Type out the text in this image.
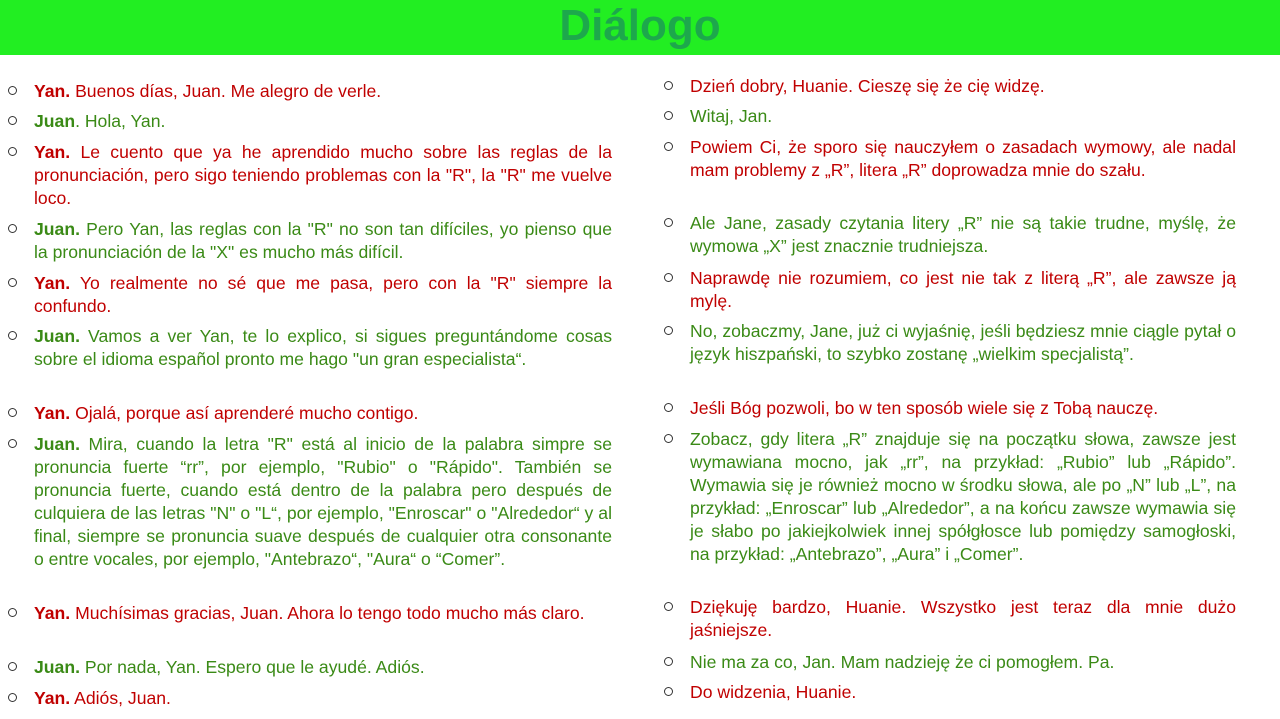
Diálogo
Yan. Buenos días, Juan. Me alegro de verle.
Juan. Hola, Yan.
Yan. Le cuento que ya he aprendido mucho sobre las reglas de la pronunciación, pero sigo teniendo problemas con la "R", la "R" me vuelve loco.
Juan. Pero Yan, las reglas con la "R" no son tan difíciles, yo pienso que la pronunciación de la "X" es mucho más difícil.
Yan. Yo realmente no sé que me pasa, pero con la "R" siempre la confundo.
Juan. Vamos a ver Yan, te lo explico, si sigues preguntándome cosas sobre el idioma español pronto me hago "un gran especialista“.
Yan. Ojalá, porque así aprenderé mucho contigo.
Juan. Mira, cuando la letra "R" está al inicio de la palabra simpre se pronuncia fuerte “rr”, por ejemplo, "Rubio" o "Rápido". También se pronuncia fuerte, cuando está dentro de la palabra pero después de culquiera de las letras "N" o "L“, por ejemplo, "Enroscar" o "Alrededor“ y al final, siempre se pronuncia suave después de cualquier otra consonante o entre vocales, por ejemplo, "Antebrazo“, "Aura“ o “Comer”.
Yan. Muchísimas gracias, Juan. Ahora lo tengo todo mucho más claro.
Juan. Por nada, Yan. Espero que le ayudé. Adiós.
Yan. Adiós, Juan.
Dzień dobry, Huanie. Cieszę się że cię widzę.
Witaj, Jan.
Powiem Ci, że sporo się nauczyłem o zasadach wymowy, ale nadal mam problemy z „R”, litera „R” doprowadza mnie do szału.
Ale Jane, zasady czytania litery „R” nie są takie trudne, myślę, że wymowa „X” jest znacznie trudniejsza.
Naprawdę nie rozumiem, co jest nie tak z literą „R”, ale zawsze ją mylę.
No, zobaczmy, Jane, już ci wyjaśnię, jeśli będziesz mnie ciągle pytał o język hiszpański, to szybko zostanę „wielkim specjalistą”.
Jeśli Bóg pozwoli, bo w ten sposób wiele się z Tobą nauczę.
Zobacz, gdy litera „R” znajduje się na początku słowa, zawsze jest wymawiana mocno, jak „rr”, na przykład: „Rubio” lub „Rápido”. Wymawia się je również mocno w środku słowa, ale po „N” lub „L”, na przykład: „Enroscar” lub „Alrededor”, a na końcu zawsze wymawia się je słabo po jakiejkolwiek innej spółgłosce lub pomiędzy samogłoski, na przykład: „Antebrazo”, „Aura” i „Comer”.
Dziękuję bardzo, Huanie. Wszystko jest teraz dla mnie dużo jaśniejsze.
Nie ma za co, Jan. Mam nadzieję że ci pomogłem. Pa.
Do widzenia, Huanie.
